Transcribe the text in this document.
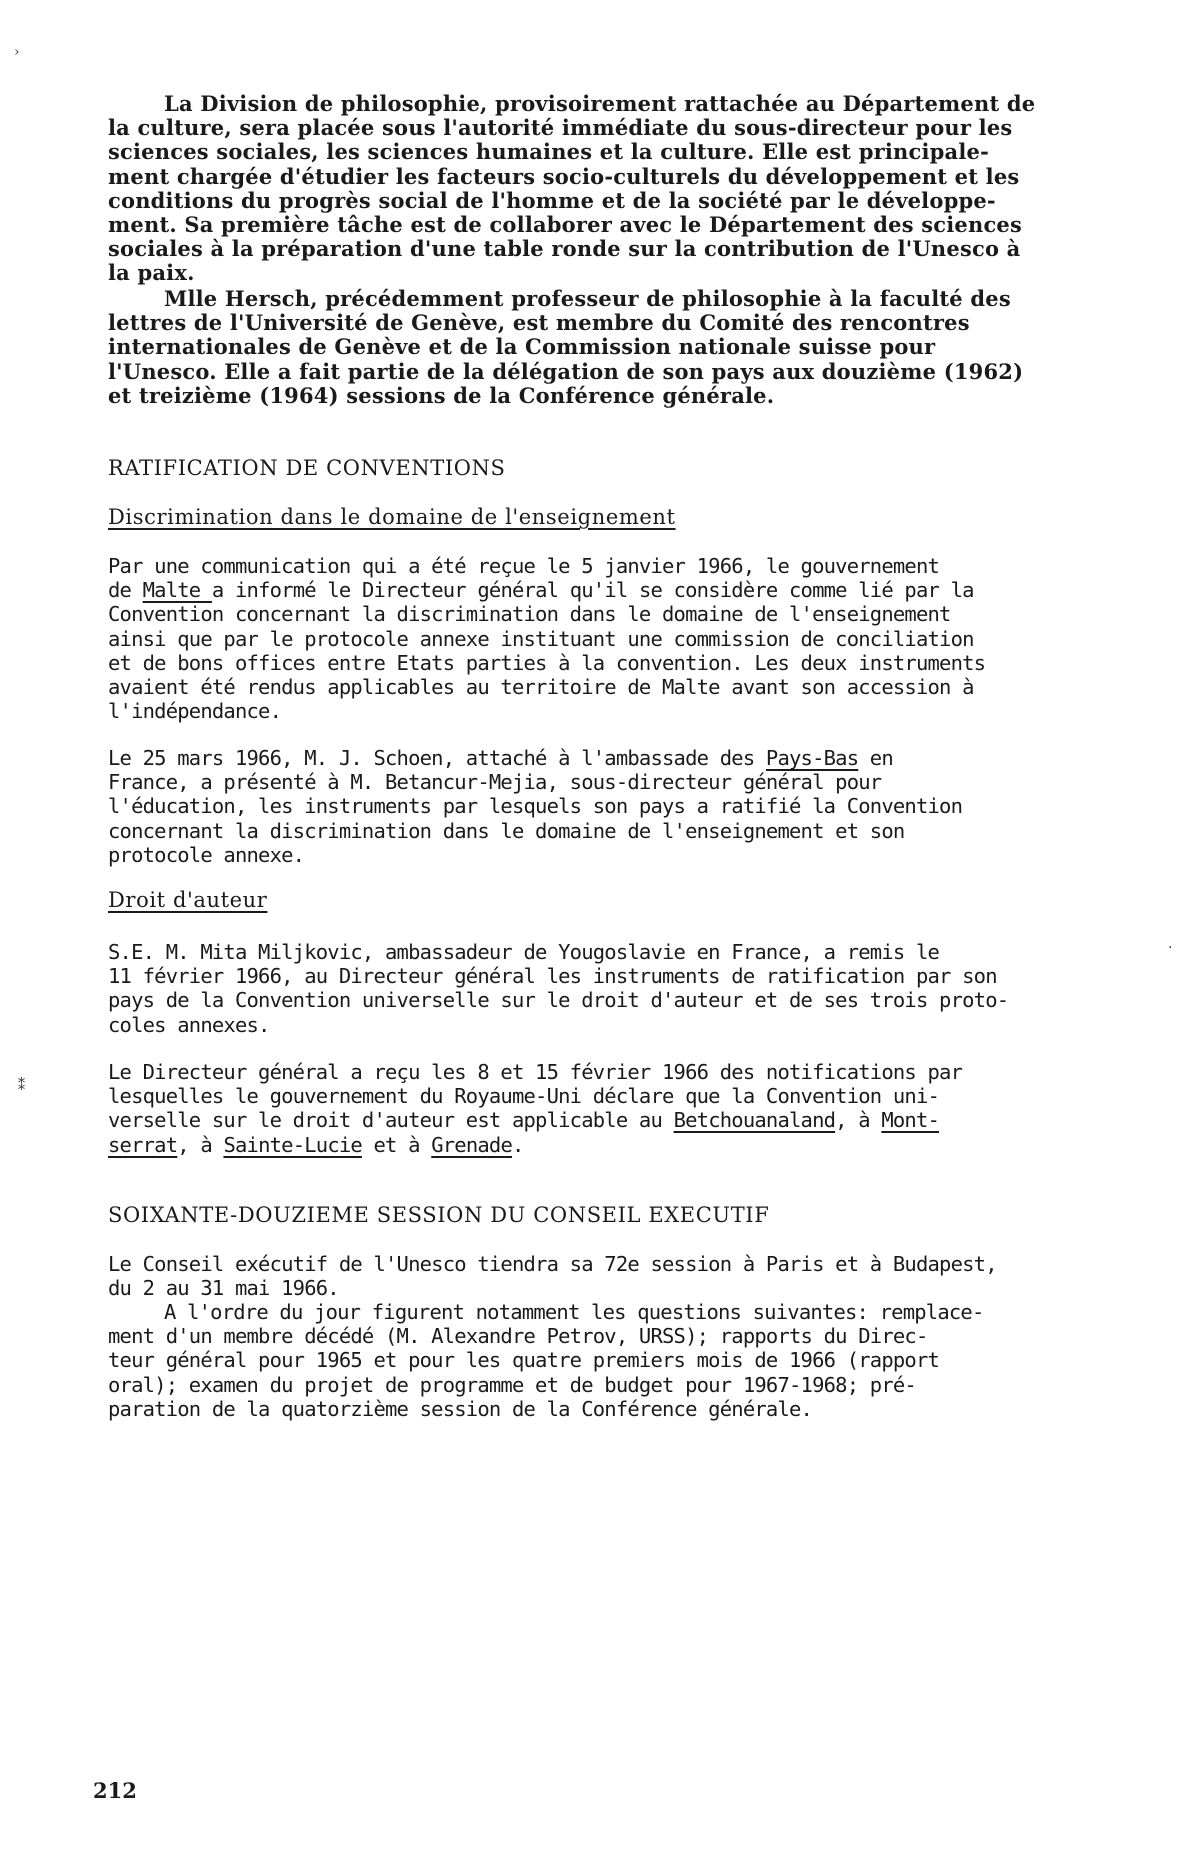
›
La Division de philosophie, provisoirement rattachée au Département de
la culture, sera placée sous l'autorité immédiate du sous-directeur pour les
sciences sociales, les sciences humaines et la culture. Elle est principale-
ment chargée d'étudier les facteurs socio-culturels du développement et les
conditions du progrès social de l'homme et de la société par le développe-
ment. Sa première tâche est de collaborer avec le Département des sciences
sociales à la préparation d'une table ronde sur la contribution de l'Unesco à
la paix.
Mlle Hersch, précédemment professeur de philosophie à la faculté des
lettres de l'Université de Genève, est membre du Comité des rencontres
internationales de Genève et de la Commission nationale suisse pour
l'Unesco. Elle a fait partie de la délégation de son pays aux douzième (1962)
et treizième (1964) sessions de la Conférence générale.
RATIFICATION DE CONVENTIONS
Discrimination dans le domaine de l'enseignement
Par une communication qui a été reçue le 5 janvier 1966, le gouvernement
de Malte a informé le Directeur général qu'il se considère comme lié par la
Convention concernant la discrimination dans le domaine de l'enseignement
ainsi que par le protocole annexe instituant une commission de conciliation
et de bons offices entre Etats parties à la convention. Les deux instruments
avaient été rendus applicables au territoire de Malte avant son accession à
l'indépendance.
Le 25 mars 1966, M. J. Schoen, attaché à l'ambassade des Pays-Bas en
France, a présenté à M. Betancur-Mejia, sous-directeur général pour
l'éducation, les instruments par lesquels son pays a ratifié la Convention
concernant la discrimination dans le domaine de l'enseignement et son
protocole annexe.
Droit d'auteur
S.E. M. Mita Miljkovic, ambassadeur de Yougoslavie en France, a remis le
11 février 1966, au Directeur général les instruments de ratification par son
pays de la Convention universelle sur le droit d'auteur et de ses trois proto-
coles annexes.
⁑
·
Le Directeur général a reçu les 8 et 15 février 1966 des notifications par
lesquelles le gouvernement du Royaume-Uni déclare que la Convention uni-
verselle sur le droit d'auteur est applicable au Betchouanaland, à Mont-
serrat, à Sainte-Lucie et à Grenade.
SOIXANTE-DOUZIEME SESSION DU CONSEIL EXECUTIF
Le Conseil exécutif de l'Unesco tiendra sa 72e session à Paris et à Budapest,
du 2 au 31 mai 1966.
A l'ordre du jour figurent notamment les questions suivantes: remplace-
ment d'un membre décédé (M. Alexandre Petrov, URSS); rapports du Direc-
teur général pour 1965 et pour les quatre premiers mois de 1966 (rapport
oral); examen du projet de programme et de budget pour 1967-1968; pré-
paration de la quatorzième session de la Conférence générale.
212
